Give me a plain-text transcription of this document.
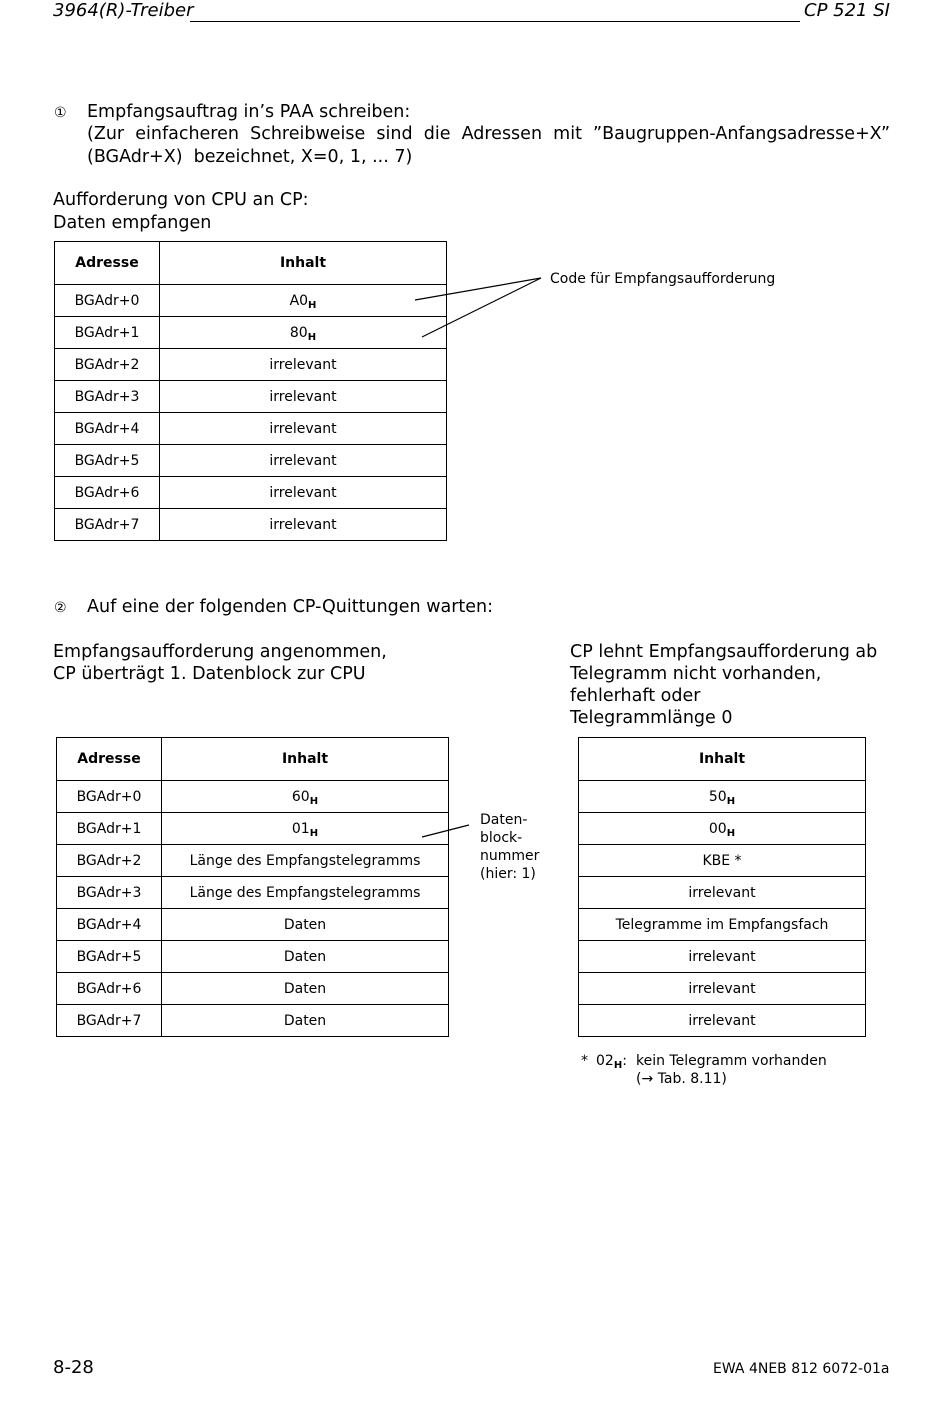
3964(R)-Treiber	CP 521 SI
① Empfangsauftrag in’s PAA schreiben:
(Zur  einfacheren  Schreibweise  sind  die  Adressen  mit  ”Baugruppen-Anfangsadresse+X”
(BGAdr+X)  bezeichnet, X=0, 1, ... 7)
Aufforderung von CPU an CP:
Daten empfangen
Adresse	Inhalt
BGAdr+0	$A0_H$
BGAdr+1	$80_H$
BGAdr+2	irrelevant
BGAdr+3	irrelevant
BGAdr+4	irrelevant
BGAdr+5	irrelevant
BGAdr+6	irrelevant
BGAdr+7	irrelevant
Code für Empfangsaufforderung
② Auf eine der folgenden CP-Quittungen warten:
Empfangsaufforderung angenommen,
CP überträgt 1. Datenblock zur CPU
CP lehnt Empfangsaufforderung ab
Telegramm nicht vorhanden,
fehlerhaft oder
Telegrammlänge 0
Adresse	Inhalt
BGAdr+0	$60_H$
BGAdr+1	$01_H$
BGAdr+2	Länge des Empfangstelegramms
BGAdr+3	Länge des Empfangstelegramms
BGAdr+4	Daten
BGAdr+5	Daten
BGAdr+6	Daten
BGAdr+7	Daten
Daten-
block-
nummer
(hier: 1)
Inhalt
$50_H$
$00_H$
KBE *
irrelevant
Telegramme im Empfangsfach
irrelevant
irrelevant
irrelevant
* $02_H$: kein Telegramm vorhanden
(→ Tab. 8.11)
8-28	EWA 4NEB 812 6072-01a
